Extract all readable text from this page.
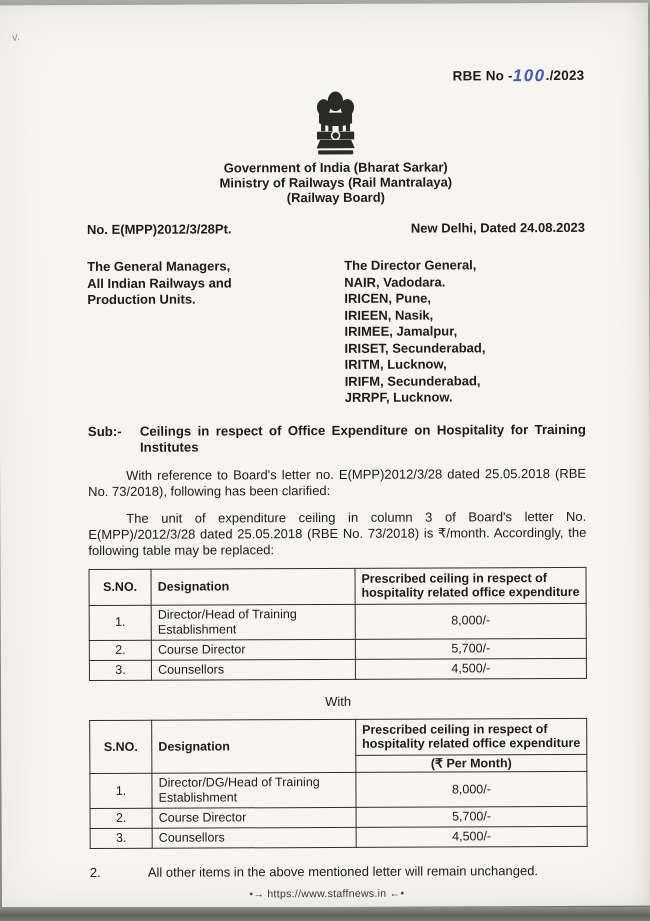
v.
RBE No -100./2023
Government of India (Bharat Sarkar)
Ministry of Railways (Rail Mantralaya)
(Railway Board)
No. E(MPP)2012/3/28Pt.	New Delhi, Dated 24.08.2023
The General Managers,
All Indian Railways and
Production Units.
The Director General,
NAIR, Vadodara.
IRICEN, Pune,
IRIEEN, Nasik,
IRIMEE, Jamalpur,
IRISET, Secunderabad,
IRITM, Lucknow,
IRIFM, Secunderabad,
JRRPF, Lucknow.
Sub:-	Ceilings in respect of Office Expenditure on Hospitality for Training Institutes

With reference to Board's letter no. E(MPP)2012/3/28 dated 25.05.2018 (RBE No. 73/2018), following has been clarified:

The unit of expenditure ceiling in column 3 of Board's letter No. E(MPP)/2012/3/28 dated 25.05.2018 (RBE No. 73/2018) is ₹/month. Accordingly, the following table may be replaced:

S.NO.	Designation	Prescribed ceiling in respect of hospitality related office expenditure
1.	Director/Head of Training Establishment	8,000/-
2.	Course Director	5,700/-
3.	Counsellors	4,500/-
With
S.NO.	Designation	Prescribed ceiling in respect of hospitality related office expenditure
		(₹ Per Month)
1.	Director/DG/Head of Training Establishment	8,000/-
2.	Course Director	5,700/-
3.	Counsellors	4,500/-
2.	All other items in the above mentioned letter will remain unchanged.
•→ https://www.staffnews.in ←•
